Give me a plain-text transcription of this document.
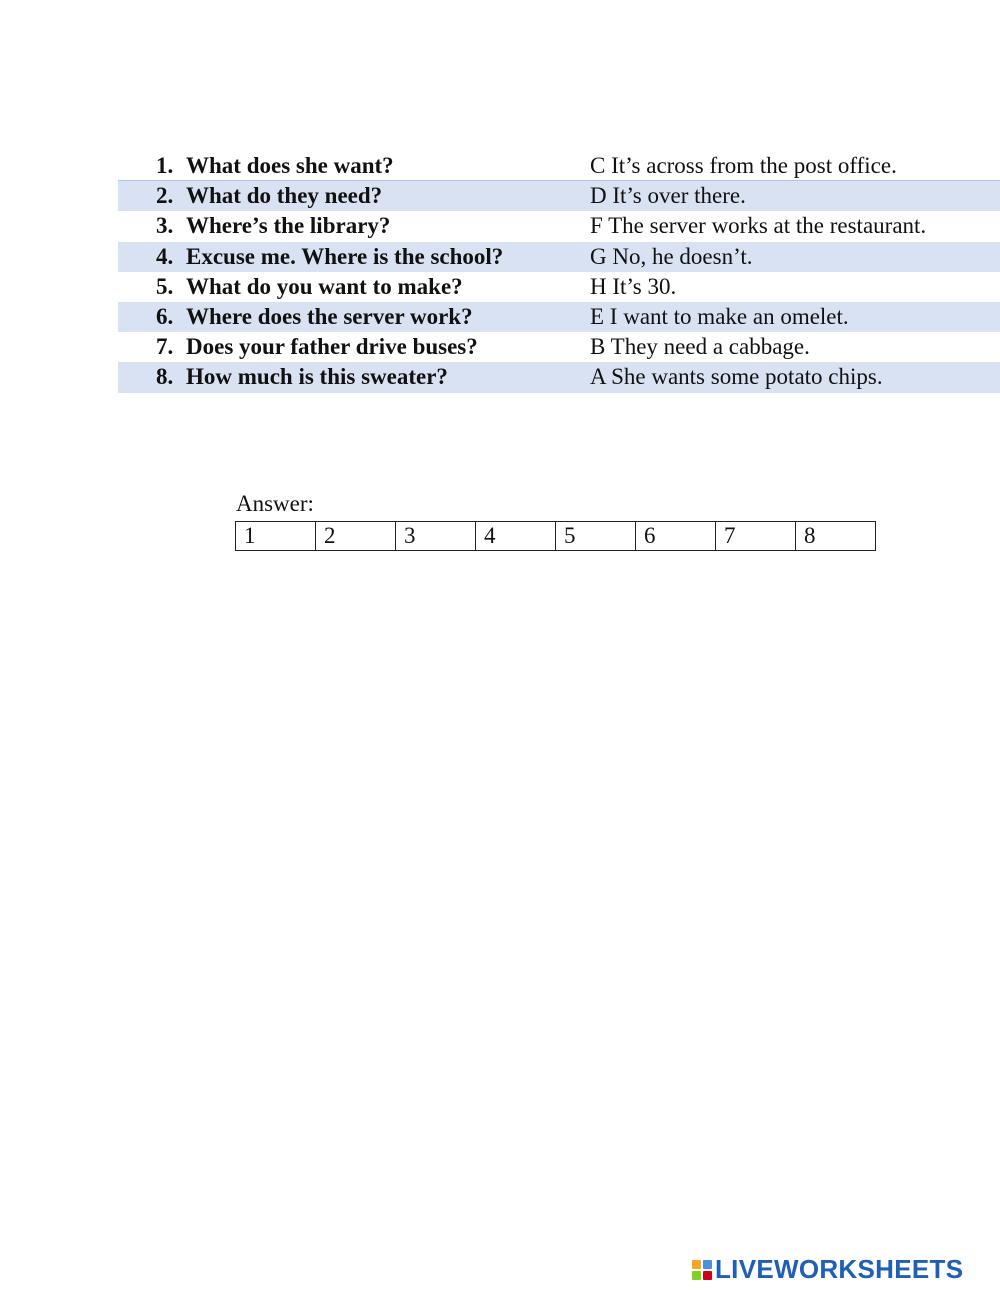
1. What does she want?	C It’s across from the post office.
2. What do they need?	D It’s over there.
3. Where’s the library?	F The server works at the restaurant.
4. Excuse me. Where is the school?	G No, he doesn’t.
5. What do you want to make?	H It’s 30.
6. Where does the server work?	E I want to make an omelet.
7. Does your father drive buses?	B They need a cabbage.
8. How much is this sweater?	A She wants some potato chips.
Answer:
1	2	3	4	5	6	7	8
LIVEWORKSHEETS
